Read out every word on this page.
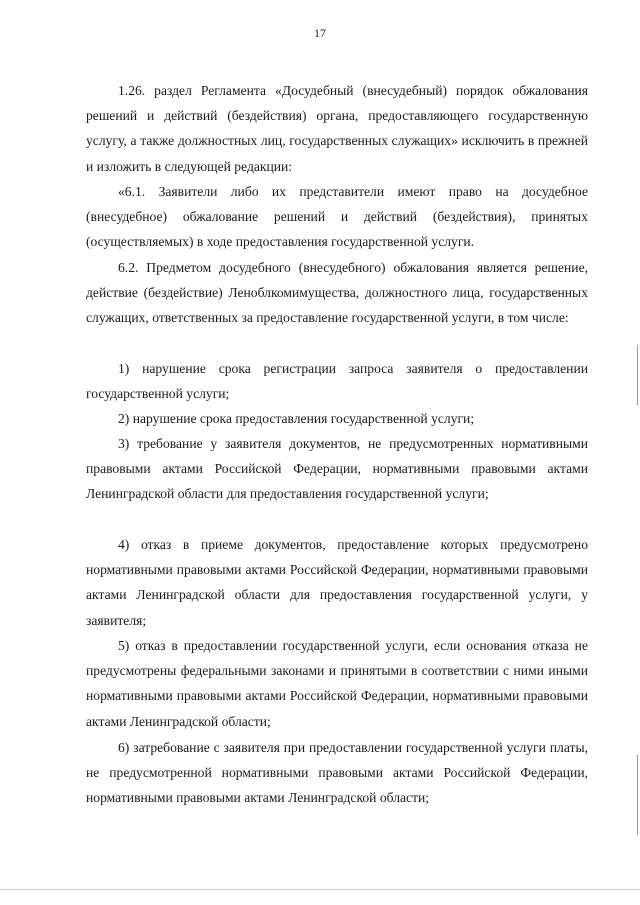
17

1.26. раздел Регламента «Досудебный (внесудебный) порядок обжалования решений и действий (бездействия) органа, предоставляющего государственную услугу, а также должностных лиц, государственных служащих» исключить в прежней и изложить в следующей редакции:

«6.1. Заявители либо их представители имеют право на досудебное (внесудебное) обжалование решений и действий (бездействия), принятых (осуществляемых) в ходе предоставления государственной услуги.

6.2. Предметом досудебного (внесудебного) обжалования является решение, действие (бездействие) Леноблкомимущества, должностного лица, государственных служащих, ответственных за предоставление государственной услуги, в том числе:

1) нарушение срока регистрации запроса заявителя о предоставлении государственной услуги;

2) нарушение срока предоставления государственной услуги;

3) требование у заявителя документов, не предусмотренных нормативными правовыми актами Российской Федерации, нормативными правовыми актами Ленинградской области для предоставления государственной услуги;

4) отказ в приеме документов, предоставление которых предусмотрено нормативными правовыми актами Российской Федерации, нормативными правовыми актами Ленинградской области для предоставления государственной услуги, у заявителя;

5) отказ в предоставлении государственной услуги, если основания отказа не предусмотрены федеральными законами и принятыми в соответствии с ними иными нормативными правовыми актами Российской Федерации, нормативными правовыми актами Ленинградской области;

6) затребование с заявителя при предоставлении государственной услуги платы, не предусмотренной нормативными правовыми актами Российской Федерации, нормативными правовыми актами Ленинградской области;
